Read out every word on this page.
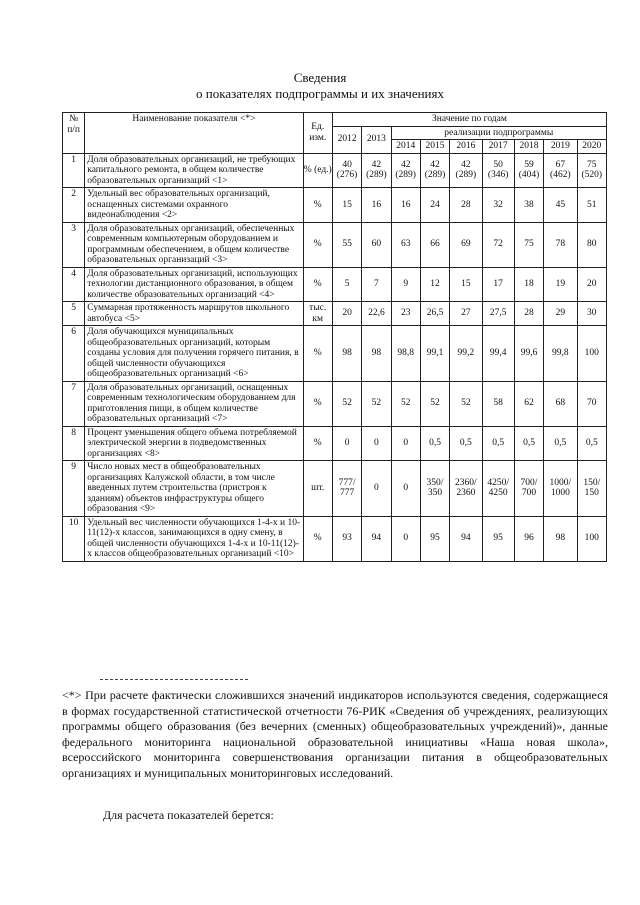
Сведения
о показателях подпрограммы и их значениях
№ п/п	Наименование показателя <*>	Ед. изм.	Значение по годам								
			2012	2013	реализации подпрограммы						
					2014	2015	2016	2017	2018	2019	2020
1	Доля образовательных организаций, не требующих капитального ремонта, в общем количестве образовательных организаций <1>	% (ед.)	40 (276)	42 (289)	42 (289)	42 (289)	42 (289)	50 (346)	59 (404)	67 (462)	75 (520)
2	Удельный вес образовательных организаций, оснащенных системами охранного видеонаблюдения <2>	%	15	16	16	24	28	32	38	45	51
3	Доля образовательных организаций, обеспеченных современным компьютерным оборудованием и программным обеспечением, в общем количестве образовательных организаций <3>	%	55	60	63	66	69	72	75	78	80
4	Доля образовательных организаций, использующих технологии дистанционного образования, в общем количестве образовательных организаций <4>	%	5	7	9	12	15	17	18	19	20
5	Суммарная протяженность маршрутов школьного автобуса <5>	тыс. км	20	22,6	23	26,5	27	27,5	28	29	30
6	Доля обучающихся муниципальных общеобразовательных организаций, которым созданы условия для получения горячего питания, в общей численности обучающихся общеобразовательных организаций <6>	%	98	98	98,8	99,1	99,2	99,4	99,6	99,8	100
7	Доля образовательных организаций, оснащенных современным технологическим оборудованием для приготовления пищи, в общем количестве образовательных организаций <7>	%	52	52	52	52	52	58	62	68	70
8	Процент уменьшения общего объема потребляемой электрической энергии в подведомственных организациях <8>	%	0	0	0	0,5	0,5	0,5	0,5	0,5	0,5
9	Число новых мест в общеобразовательных организациях Калужской области, в том числе введенных путем строительства (пристроя к зданиям) объектов инфраструктуры общего образования <9>	шт.	777/ 777	0	0	350/ 350	2360/ 2360	4250/ 4250	700/ 700	1000/ 1000	150/ 150
10	Удельный вес численности обучающихся 1-4-х и 10-11(12)-х классов, занимающихся в одну смену, в общей численности обучающихся 1-4-х и 10-11(12)-х классов общеобразовательных организаций <10>	%	93	94	0	95	94	95	96	98	100
<*> При расчете фактически сложившихся значений индикаторов используются сведения, содержащиеся в формах государственной статистической отчетности 76-РИК «Сведения об учреждениях, реализующих программы общего образования (без вечерних (сменных) общеобразовательных учреждений)», данные федерального мониторинга национальной образовательной инициативы «Наша новая школа», всероссийского мониторинга совершенствования организации питания в общеобразовательных организациях и муниципальных мониторинговых исследований.
Для расчета показателей берется:
